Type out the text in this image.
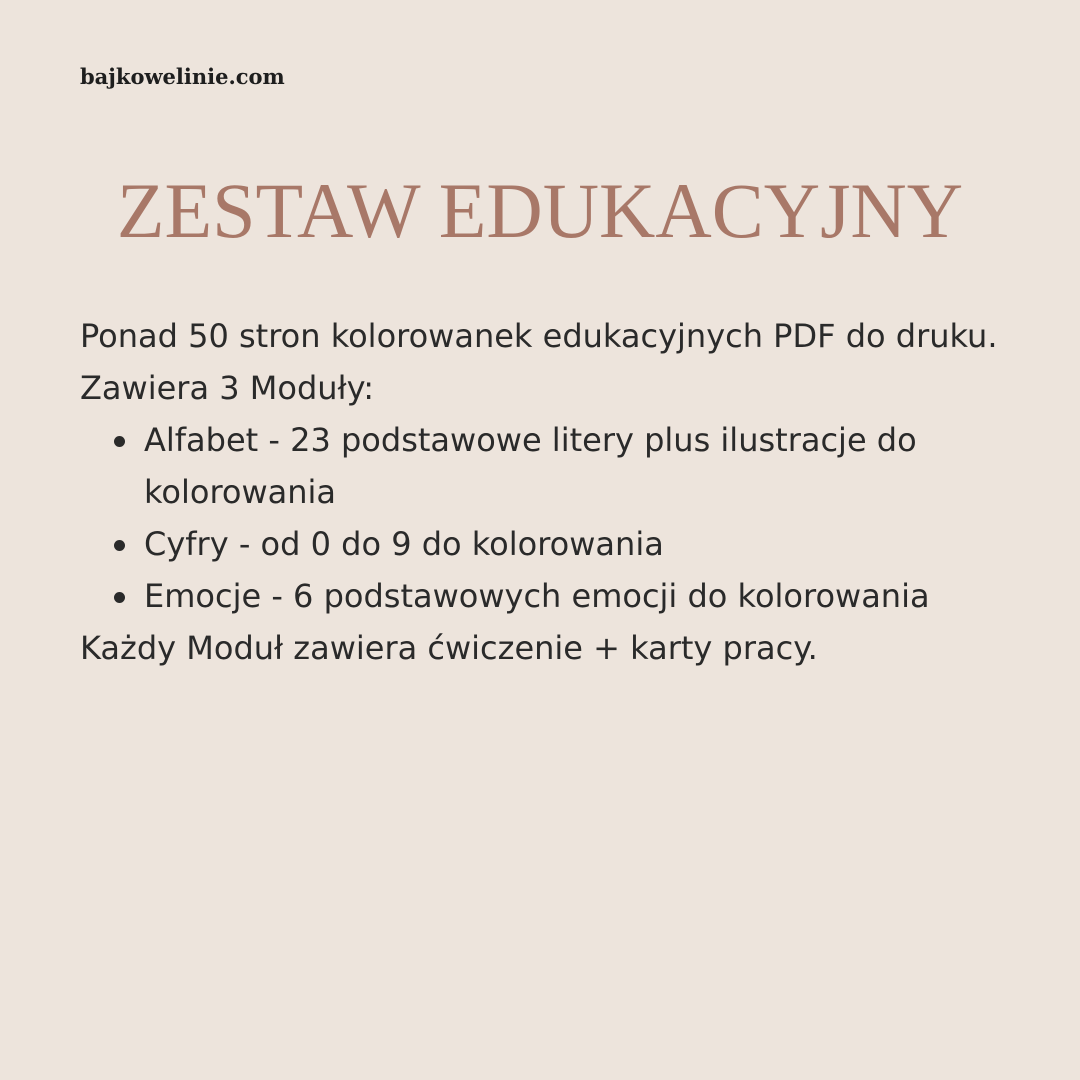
bajkowelinie.com
ZESTAW EDUKACYJNY

Ponad 50 stron kolorowanek edukacyjnych PDF do druku.

Zawiera 3 Moduły:

Alfabet - 23 podstawowe litery plus ilustracje do kolorowania
Cyfry - od 0 do 9 do kolorowania
Emocje - 6 podstawowych emocji do kolorowania

Każdy Moduł zawiera ćwiczenie + karty pracy.
